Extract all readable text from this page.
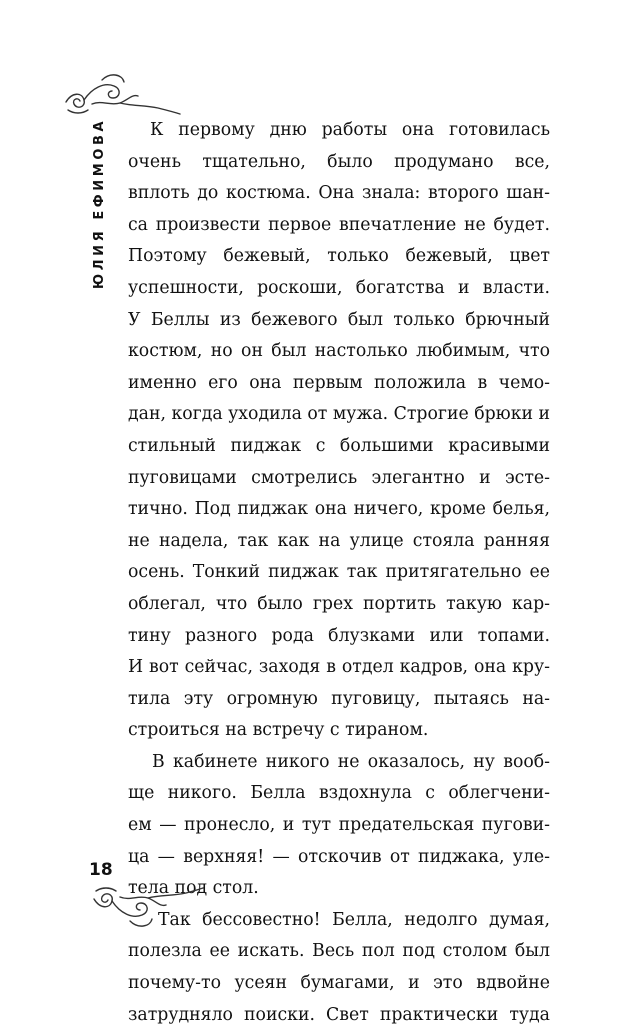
ЮЛИЯ ЕФИМОВА	К первому дню работы она готовилась
очень тщательно, было продумано все,
вплоть до костюма. Она знала: второго шан-
са произвести первое впечатление не будет.
Поэтому бежевый, только бежевый, цвет
успешности, роскоши, богатства и власти.
У Беллы из бежевого был только брючный
костюм, но он был настолько любимым, что
именно его она первым положила в чемо-
дан, когда уходила от мужа. Строгие брюки и
стильный пиджак с большими красивыми
пуговицами смотрелись элегантно и эсте-
тично. Под пиджак она ничего, кроме белья,
не надела, так как на улице стояла ранняя
осень. Тонкий пиджак так притягательно ее
облегал, что было грех портить такую кар-
тину разного рода блузками или топами.
И вот сейчас, заходя в отдел кадров, она кру-
тила эту огромную пуговицу, пытаясь на-
строиться на встречу с тираном.
В кабинете никого не оказалось, ну вооб-
ще никого. Белла вздохнула с облегчени-
ем — пронесло, и тут предательская пугови-
ца — верхняя! — отскочив от пиджака, уле-
тела под стол.
Так бессовестно! Белла, недолго думая,
полезла ее искать. Весь пол под столом был
почему-то усеян бумагами, и это вдвойне
затрудняло поиски. Свет практически туда
18
